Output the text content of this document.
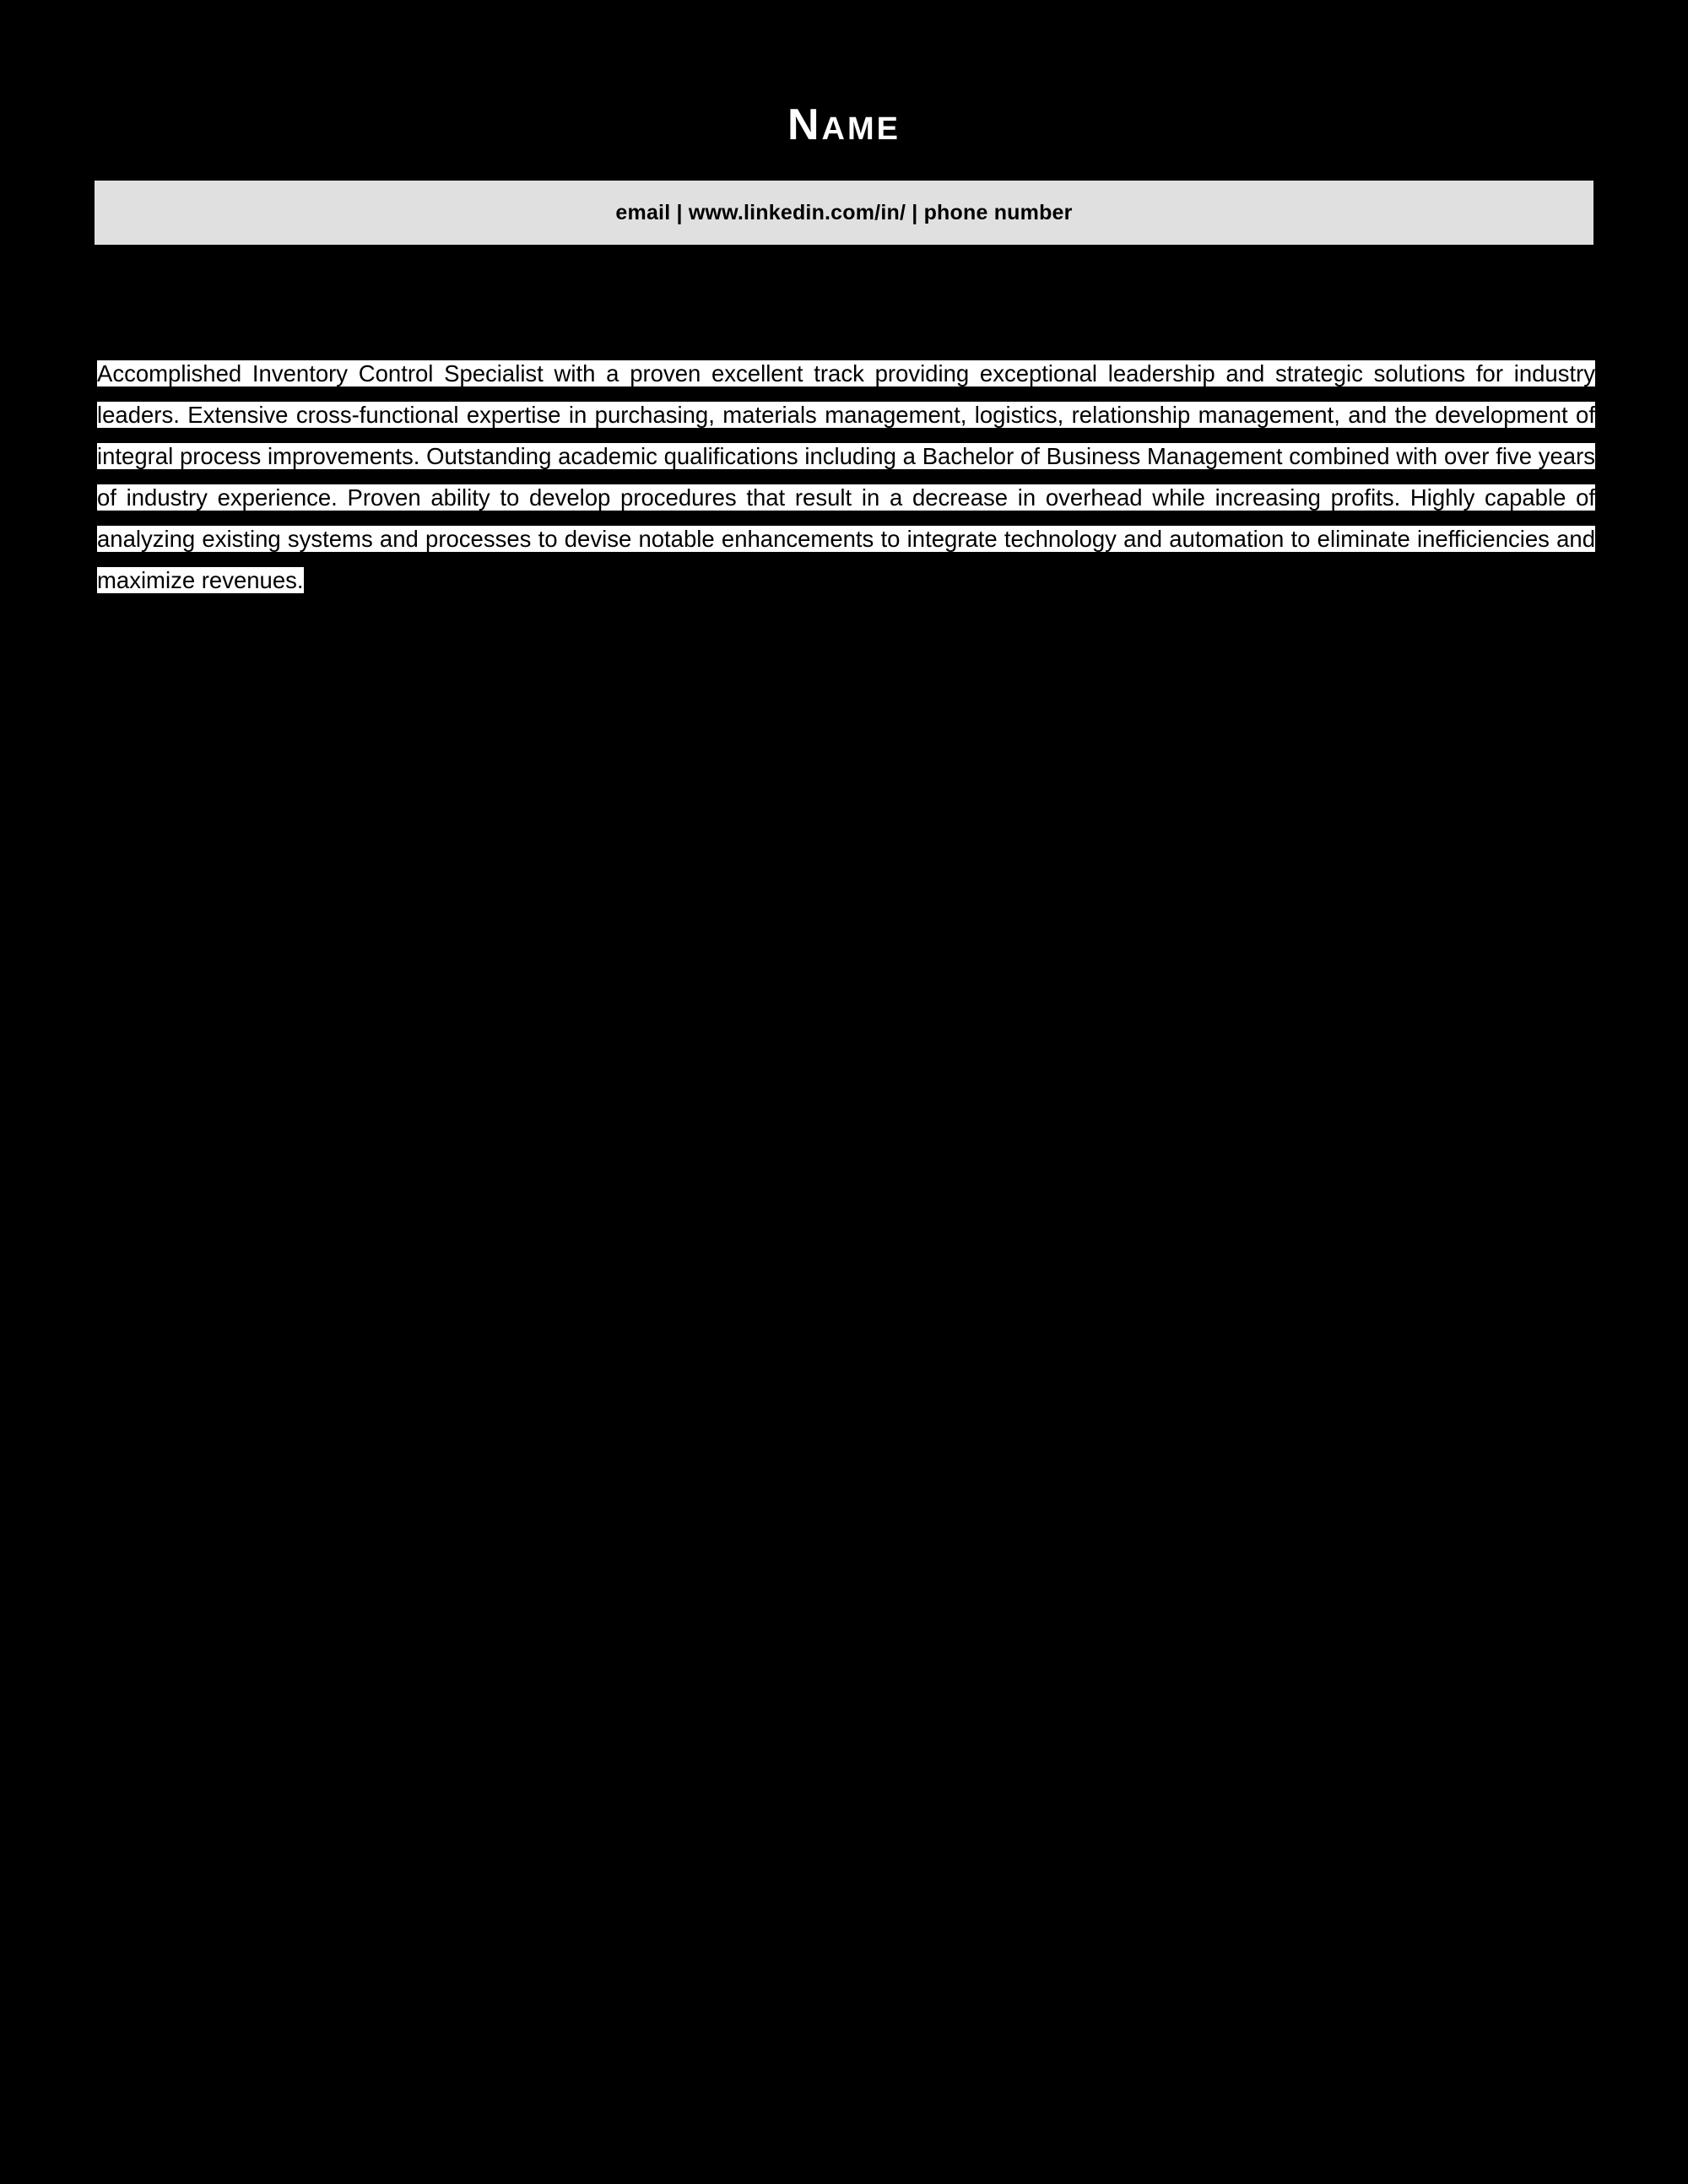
NAME
email | www.linkedin.com/in/ | phone number

Accomplished Inventory Control Specialist with a proven excellent track providing exceptional leadership and strategic solutions for industry leaders. Extensive cross-functional expertise in purchasing, materials management, logistics, relationship management, and the development of integral process improvements. Outstanding academic qualifications including a Bachelor of Business Management combined with over five years of industry experience. Proven ability to develop procedures that result in a decrease in overhead while increasing profits. Highly capable of analyzing existing systems and processes to devise notable enhancements to integrate technology and automation to eliminate inefficiencies and maximize revenues.
